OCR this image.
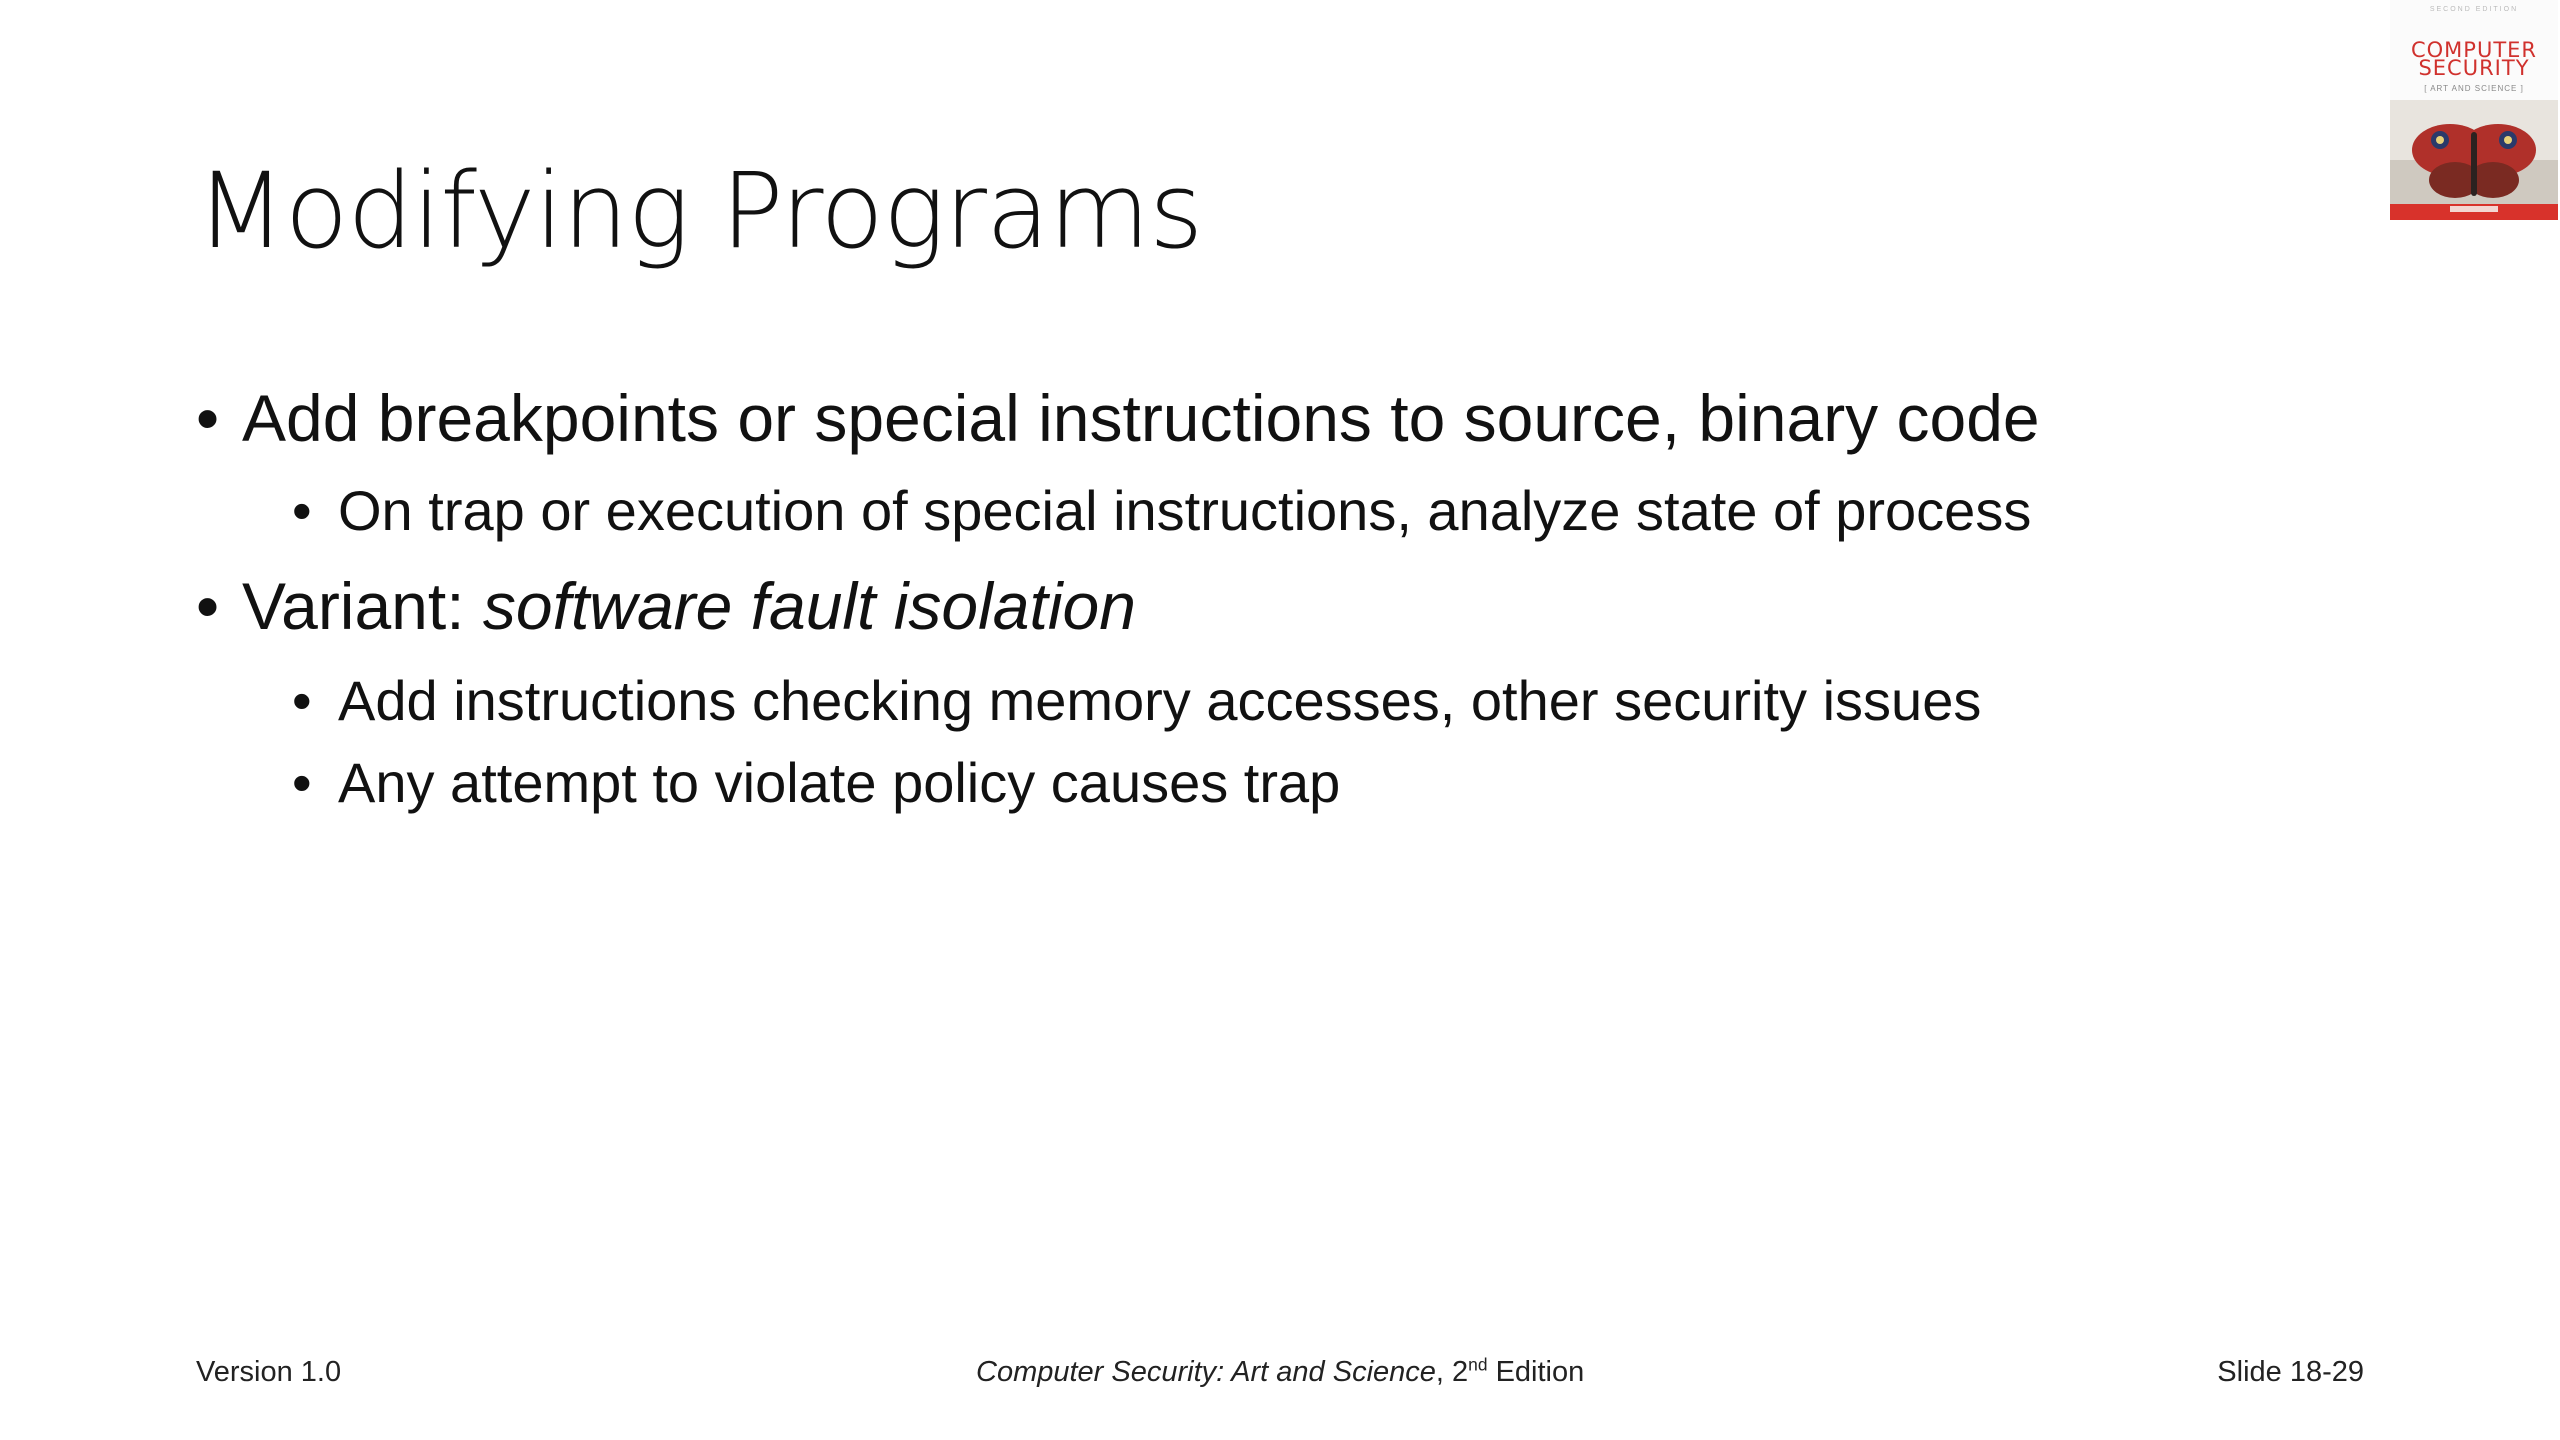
Modifying Programs
• Add breakpoints or special instructions to source, binary code
• On trap or execution of special instructions, analyze state of process
• Variant: software fault isolation
• Add instructions checking memory accesses, other security issues
• Any attempt to violate policy causes trap
Version 1.0	Computer Security: Art and Science, 2nd Edition	Slide 18-29
SECOND EDITION
COMPUTER
SECURITY
[ ART AND SCIENCE ]
